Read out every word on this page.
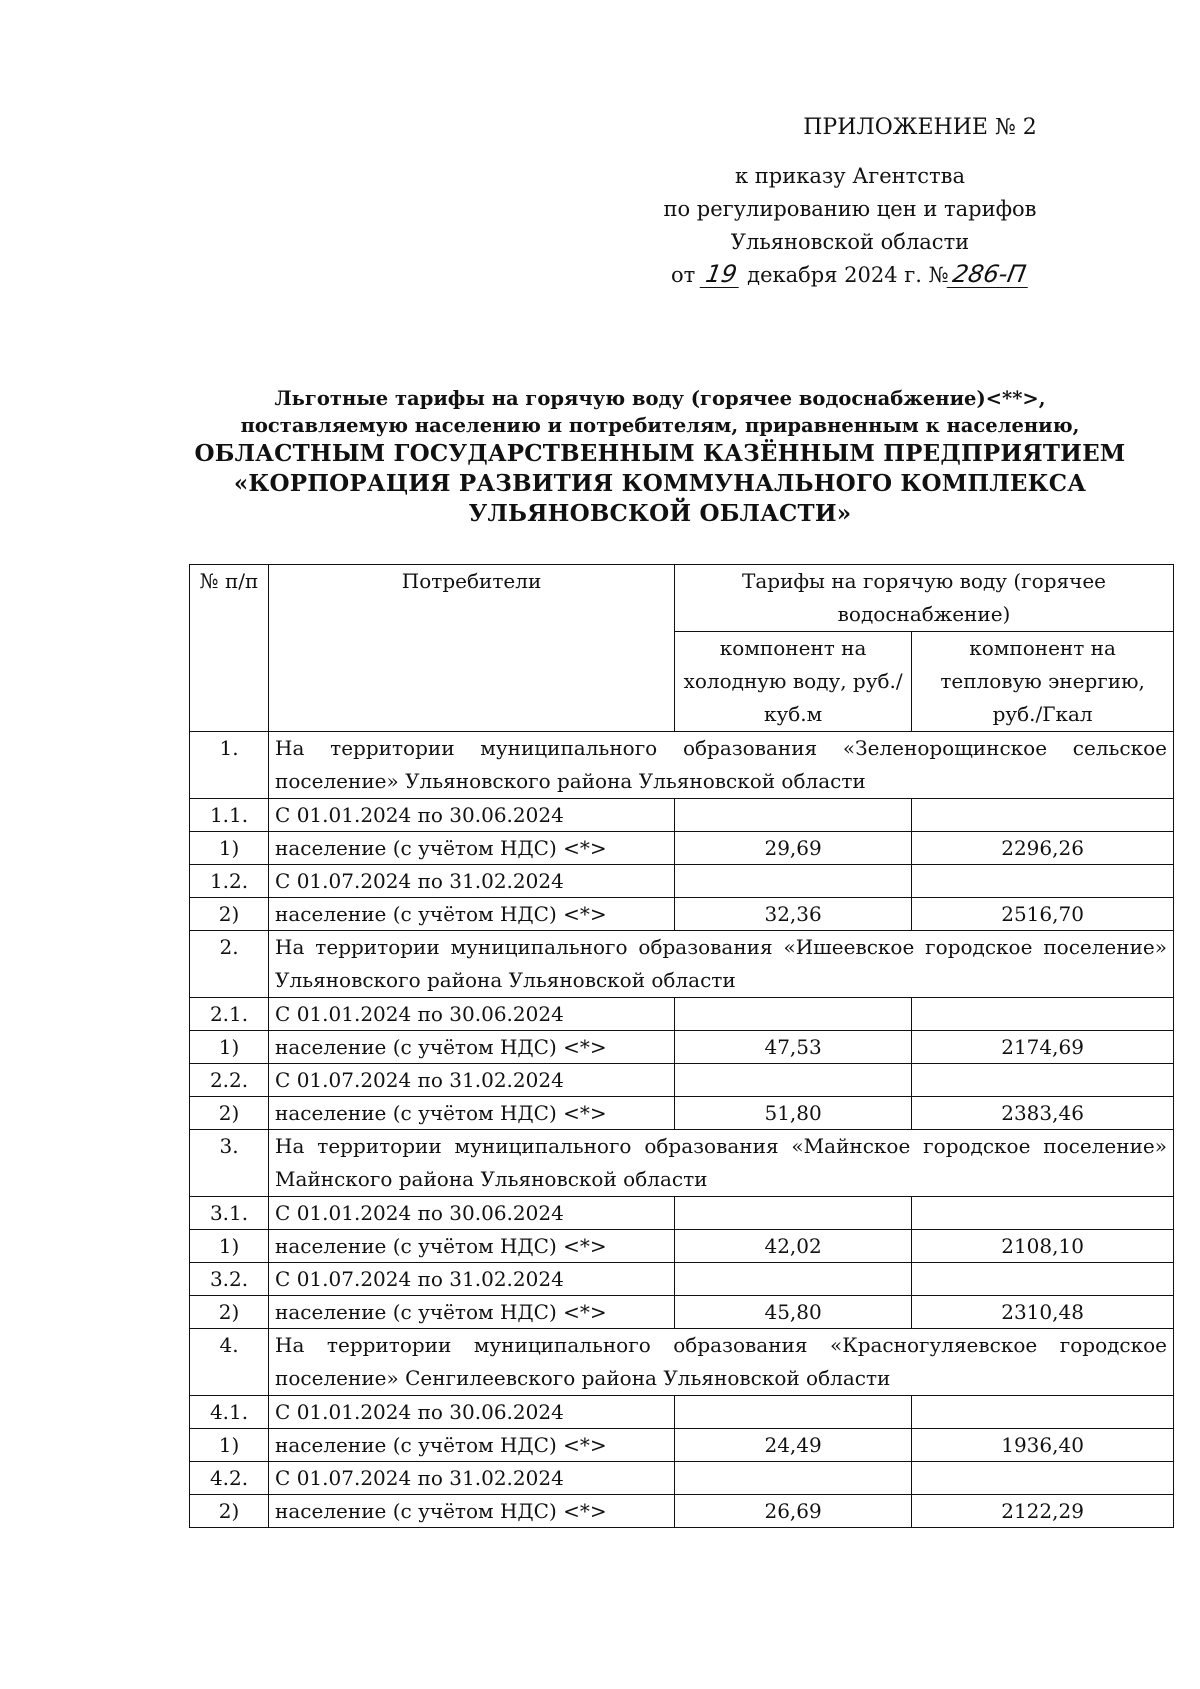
ПРИЛОЖЕНИЕ № 2
к приказу Агентства
по регулированию цен и тарифов
Ульяновской области
от 19 декабря 2024 г. №286-П
Льготные тарифы на горячую воду (горячее водоснабжение)<**>,
поставляемую населению и потребителям, приравненным к населению,
ОБЛАСТНЫМ ГОСУДАРСТВЕННЫМ КАЗЁННЫМ ПРЕДПРИЯТИЕМ
«КОРПОРАЦИЯ РАЗВИТИЯ КОММУНАЛЬНОГО КОМПЛЕКСА
УЛЬЯНОВСКОЙ ОБЛАСТИ»
№ п/п	Потребители	Тарифы на горячую воду (горячее водоснабжение)	
		компонент на холодную воду, руб./куб.м	компонент на тепловую энергию, руб./Гкал
1.	На территории муниципального образования «Зеленорощинское сельское поселение» Ульяновского района Ульяновской области		
1.1.	С 01.01.2024 по 30.06.2024		
1)	население (с учётом НДС) <*>	29,69	2296,26
1.2.	С 01.07.2024 по 31.02.2024		
2)	население (с учётом НДС) <*>	32,36	2516,70
2.	На территории муниципального образования «Ишеевское городское поселение» Ульяновского района Ульяновской области		
2.1.	С 01.01.2024 по 30.06.2024		
1)	население (с учётом НДС) <*>	47,53	2174,69
2.2.	С 01.07.2024 по 31.02.2024		
2)	население (с учётом НДС) <*>	51,80	2383,46
3.	На территории муниципального образования «Майнское городское поселение» Майнского района Ульяновской области		
3.1.	С 01.01.2024 по 30.06.2024		
1)	население (с учётом НДС) <*>	42,02	2108,10
3.2.	С 01.07.2024 по 31.02.2024		
2)	население (с учётом НДС) <*>	45,80	2310,48
4.	На территории муниципального образования «Красногуляевское городское поселение» Сенгилеевского района Ульяновской области		
4.1.	С 01.01.2024 по 30.06.2024		
1)	население (с учётом НДС) <*>	24,49	1936,40
4.2.	С 01.07.2024 по 31.02.2024		
2)	население (с учётом НДС) <*>	26,69	2122,29
